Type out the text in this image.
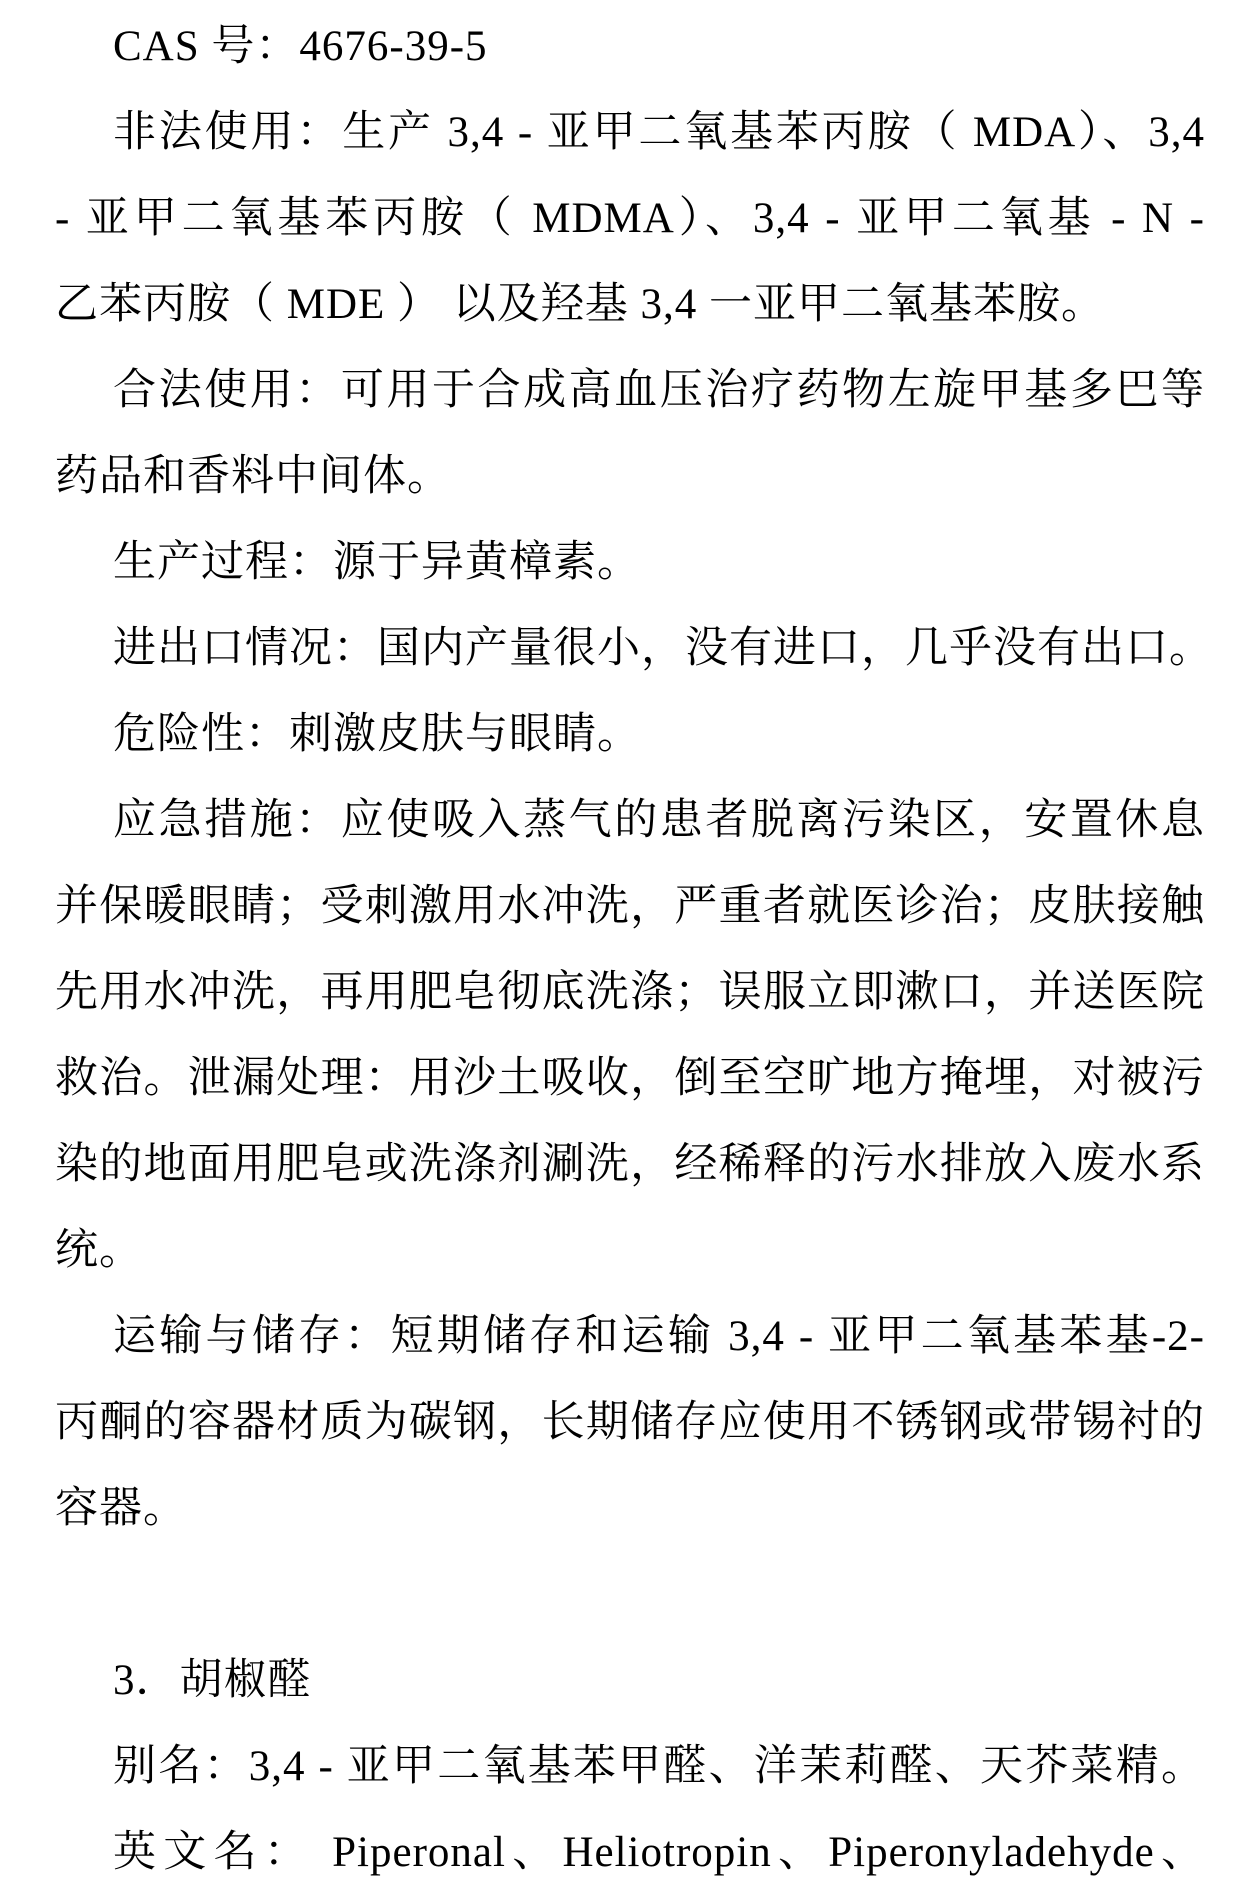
CAS 号：4676-39-5
非法使用：生产 3,4 - 亚甲二氧基苯丙胺（ MDA）、3,4
- 亚甲二氧基苯丙胺（ MDMA）、3,4 - 亚甲二氧基 - N -
乙苯丙胺（ MDE ） 以及羟基 3,4 一亚甲二氧基苯胺。
合法使用：可用于合成高血压治疗药物左旋甲基多巴等
药品和香料中间体。
生产过程：源于异黄樟素。
进出口情况：国内产量很小，没有进口，几乎没有出口。
危险性：刺激皮肤与眼睛。
应急措施：应使吸入蒸气的患者脱离污染区，安置休息
并保暖眼睛；受刺激用水冲洗，严重者就医诊治；皮肤接触
先用水冲洗，再用肥皂彻底洗涤；误服立即漱口，并送医院
救治。泄漏处理：用沙土吸收，倒至空旷地方掩埋，对被污
染的地面用肥皂或洗涤剂涮洗，经稀释的污水排放入废水系
统。
运输与储存：短期储存和运输 3,4 - 亚甲二氧基苯基-2-
丙酮的容器材质为碳钢，长期储存应使用不锈钢或带锡衬的
容器。
3．胡椒醛
别名：3,4 - 亚甲二氧基苯甲醛、洋茉莉醛、天芥菜精。
英文名： Piperonal、Heliotropin、Piperonyladehyde、
